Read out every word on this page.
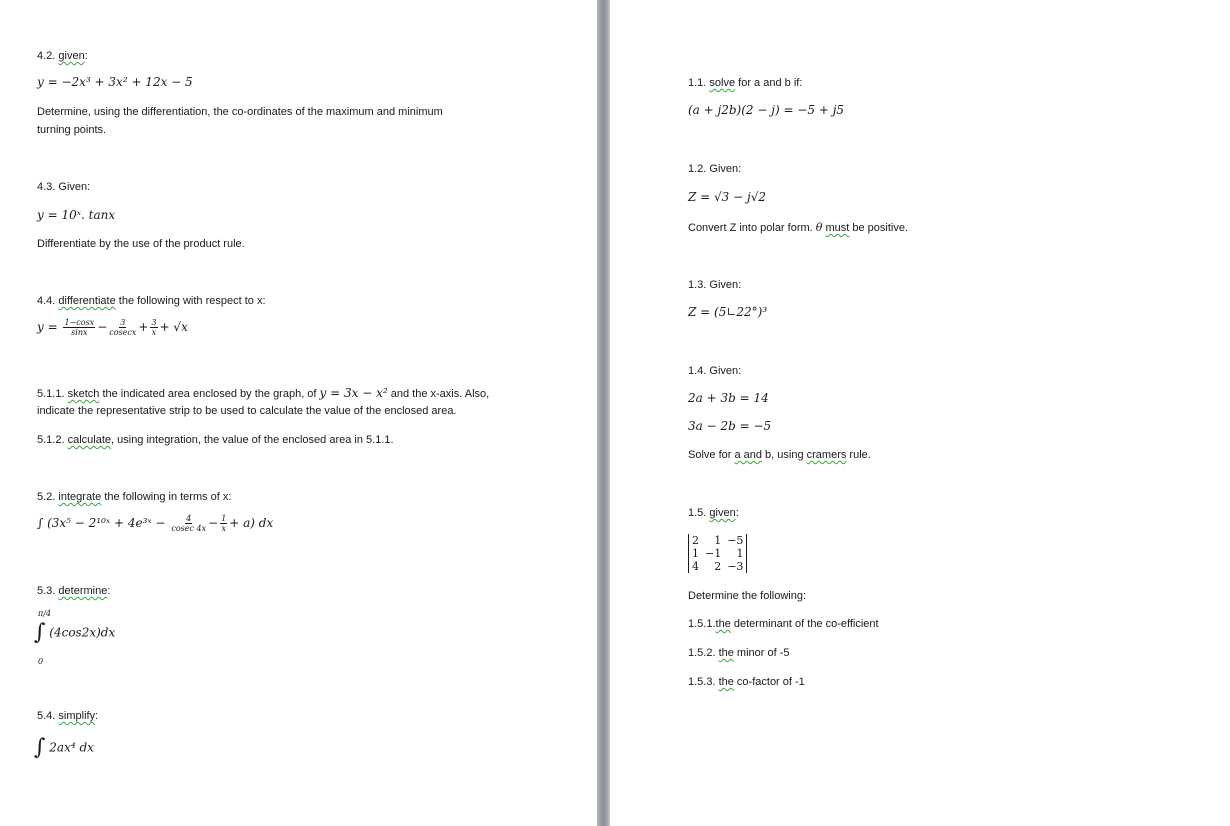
4.2. given:
y = −2x³ + 3x² + 12x − 5
Determine, using the differentiation, the co-ordinates of the maximum and minimum
turning points.
4.3. Given:
y = 10ˣ. tanx
Differentiate by the use of the product rule.
4.4. differentiate the following with respect to x:
$y = \frac{1-\cos x}{\sin x} - \frac{3}{cosecx} + \frac{3}{x} + √x$
5.1.1. sketch the indicated area enclosed by the graph, of y = 3x − x² and the x-axis. Also,
indicate the representative strip to be used to calculate the value of the enclosed area.
5.1.2. calculate, using integration, the value of the enclosed area in 5.1.1.
5.2. integrate the following in terms of x:
∫ (3x⁵ − 2¹⁰ˣ + 4e³ˣ − $\frac{4}{cosec 4x} - \frac{1}{x} + a$) dx
5.3. determine:
π/4
∫ (4cos2x)dx
0
5.4. simplify:
∫ 2ax⁴ dx
1.1. solve for a and b if:
(a + j2b)(2 − j) = −5 + j5
1.2. Given:
Z = √3 − j√2
Convert Z into polar form. θ must be positive.
1.3. Given:
Z = (5∟22°)³
1.4. Given:
2a + 3b = 14
3a − 2b = −5
Solve for a and b, using cramers rule.
1.5. given:
2	1	−5
1	−1	1
4	2	−3
Determine the following:
1.5.1.the determinant of the co-efficient
1.5.2. the minor of -5
1.5.3. the co-factor of -1
